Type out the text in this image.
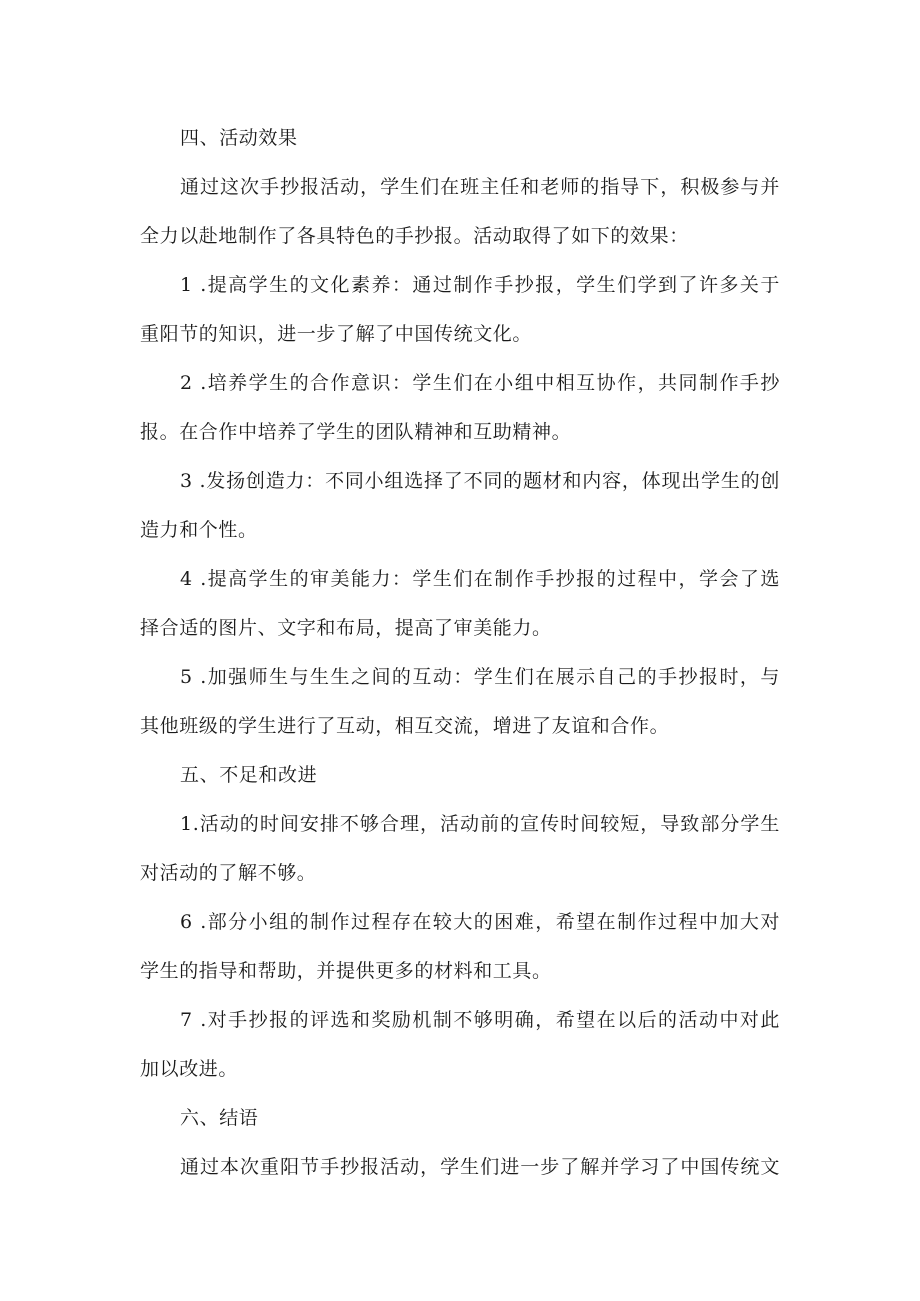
四、活动效果

通过这次手抄报活动，学生们在班主任和老师的指导下，积极参与并

全力以赴地制作了各具特色的手抄报。活动取得了如下的效果：

1 .提高学生的文化素养：通过制作手抄报，学生们学到了许多关于

重阳节的知识，进一步了解了中国传统文化。

2 .培养学生的合作意识：学生们在小组中相互协作，共同制作手抄

报。在合作中培养了学生的团队精神和互助精神。

3 .发扬创造力：不同小组选择了不同的题材和内容，体现出学生的创

造力和个性。

4 .提高学生的审美能力：学生们在制作手抄报的过程中，学会了选

择合适的图片、文字和布局，提高了审美能力。

5 .加强师生与生生之间的互动：学生们在展示自己的手抄报时，与

其他班级的学生进行了互动，相互交流，增进了友谊和合作。

五、不足和改进

1.活动的时间安排不够合理，活动前的宣传时间较短，导致部分学生

对活动的了解不够。

6 .部分小组的制作过程存在较大的困难，希望在制作过程中加大对

学生的指导和帮助，并提供更多的材料和工具。

7 .对手抄报的评选和奖励机制不够明确，希望在以后的活动中对此

加以改进。

六、结语

通过本次重阳节手抄报活动，学生们进一步了解并学习了中国传统文
